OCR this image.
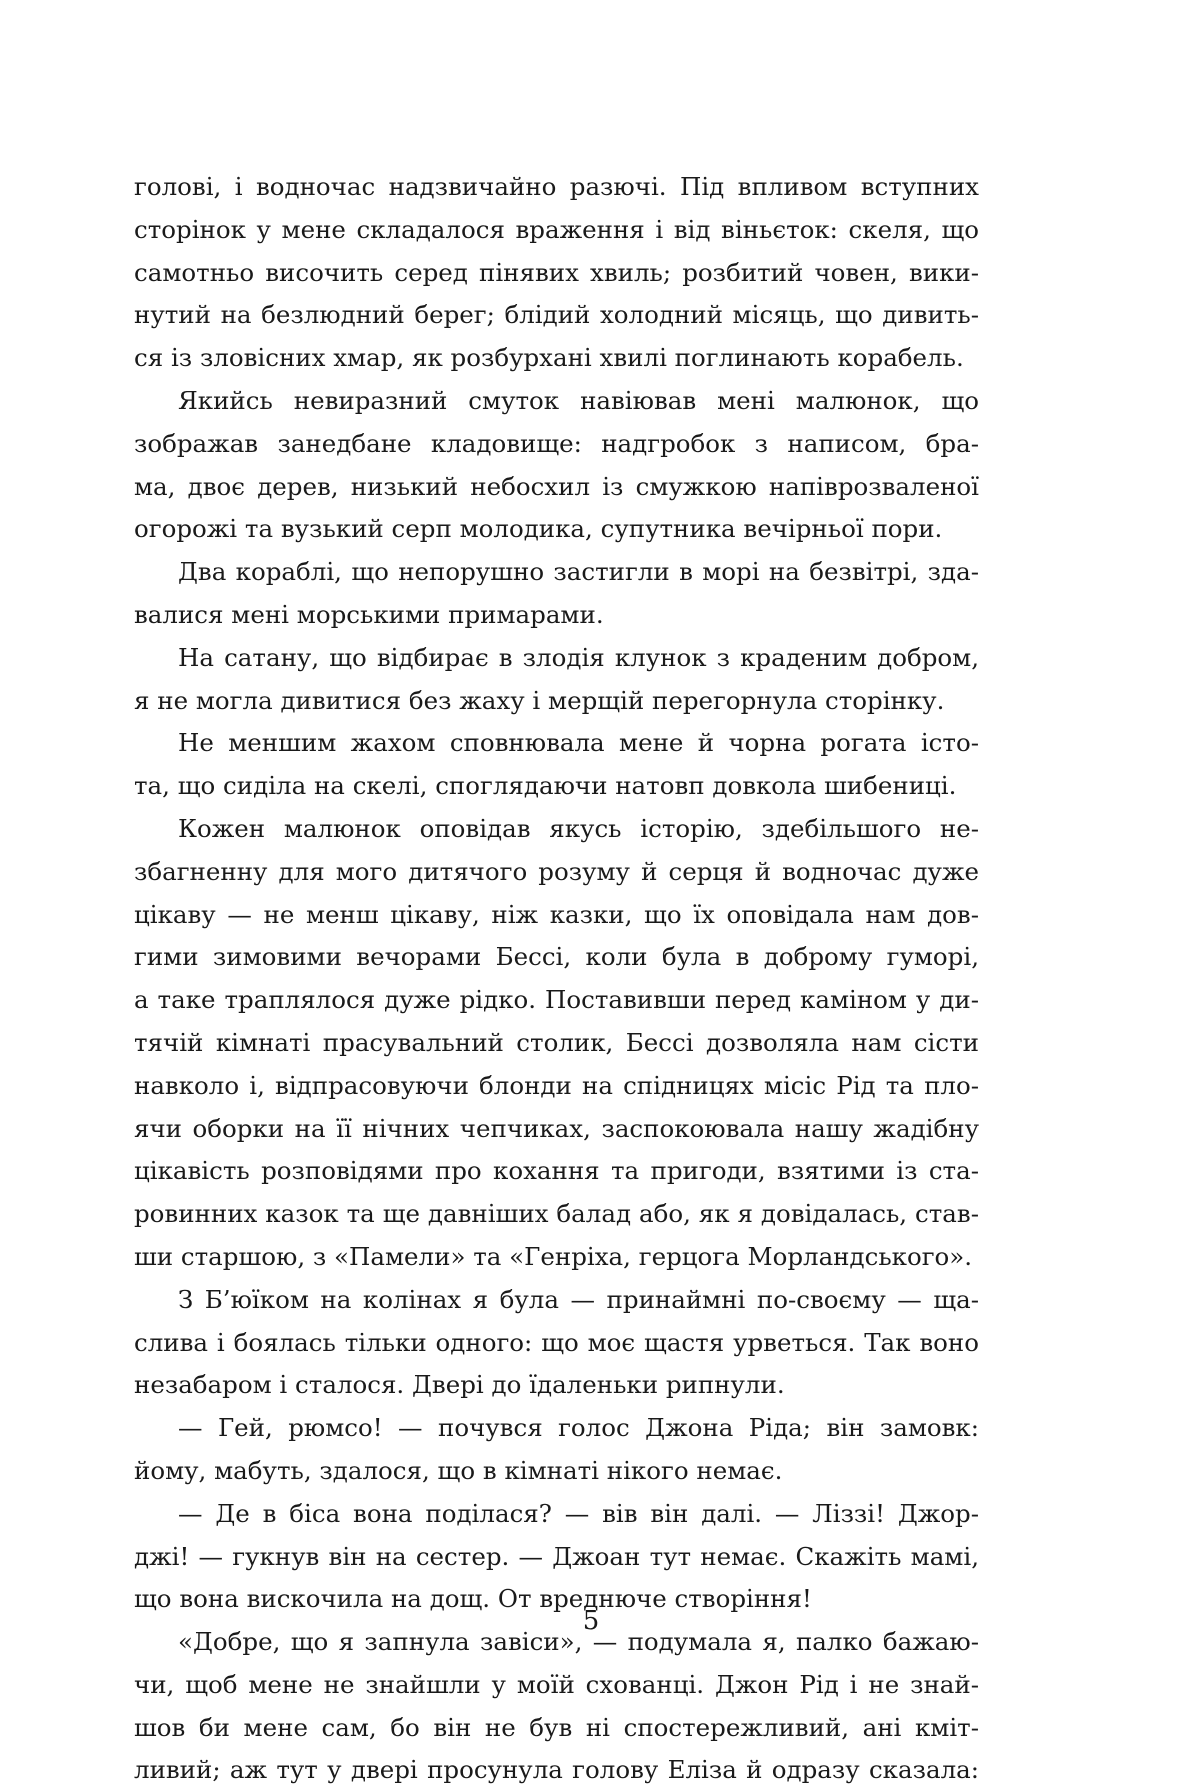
голові, і водночас надзвичайно разючі. Під впливом вступних
сторінок у мене складалося враження і від віньєток: скеля, що
самотньо височить серед пінявих хвиль; розбитий човен, вики-
нутий на безлюдний берег; блідий холодний місяць, що дивить-
ся із зловісних хмар, як розбурхані хвилі поглинають корабель.
Якийсь невиразний смуток навіював мені малюнок, що
зображав занедбане кладовище: надгробок з написом, бра-
ма, двоє дерев, низький небосхил із смужкою напіврозваленої
огорожі та вузький серп молодика, супутника вечірньої пори.
Два кораблі, що непорушно застигли в морі на безвітрі, зда-
валися мені морськими примарами.
На сатану, що відбирає в злодія клунок з краденим добром,
я не могла дивитися без жаху і мерщій перегорнула сторінку.
Не меншим жахом сповнювала мене й чорна рогата істо-
та, що сиділа на скелі, споглядаючи натовп довкола шибениці.
Кожен малюнок оповідав якусь історію, здебільшого не-
збагненну для мого дитячого розуму й серця й водночас дуже
цікаву — не менш цікаву, ніж казки, що їх оповідала нам дов-
гими зимовими вечорами Бессі, коли була в доброму гуморі,
а таке траплялося дуже рідко. Поставивши перед каміном у ди-
тячій кімнаті прасувальний столик, Бессі дозволяла нам сісти
навколо і, відпрасовуючи блонди на спідницях місіс Рід та пло-
ячи оборки на її нічних чепчиках, заспокоювала нашу жадібну
цікавість розповідями про кохання та пригоди, взятими із ста-
ровинних казок та ще давніших балад або, як я довідалась, став-
ши старшою, з «Памели» та «Генріха, герцога Морландського».
З Б’юїком на колінах я була — принаймні по-своєму — ща-
слива і боялась тільки одного: що моє щастя урветься. Так воно
незабаром і сталося. Двері до їдаленьки рипнули.
— Гей, рюмсо! — почувся голос Джона Ріда; він замовк:
йому, мабуть, здалося, що в кімнаті нікого немає.
— Де в біса вона поділася? — вів він далі. — Ліззі! Джор-
джі! — гукнув він на сестер. — Джоан тут немає. Скажіть мамі,
що вона вискочила на дощ. От вреднюче створіння!
«Добре, що я запнула завіси», — подумала я, палко бажаю-
чи, щоб мене не знайшли у моїй схованці. Джон Рід і не знай-
шов би мене сам, бо він не був ні спостережливий, ані кміт-
ливий; аж тут у двері просунула голову Еліза й одразу сказала:
5
